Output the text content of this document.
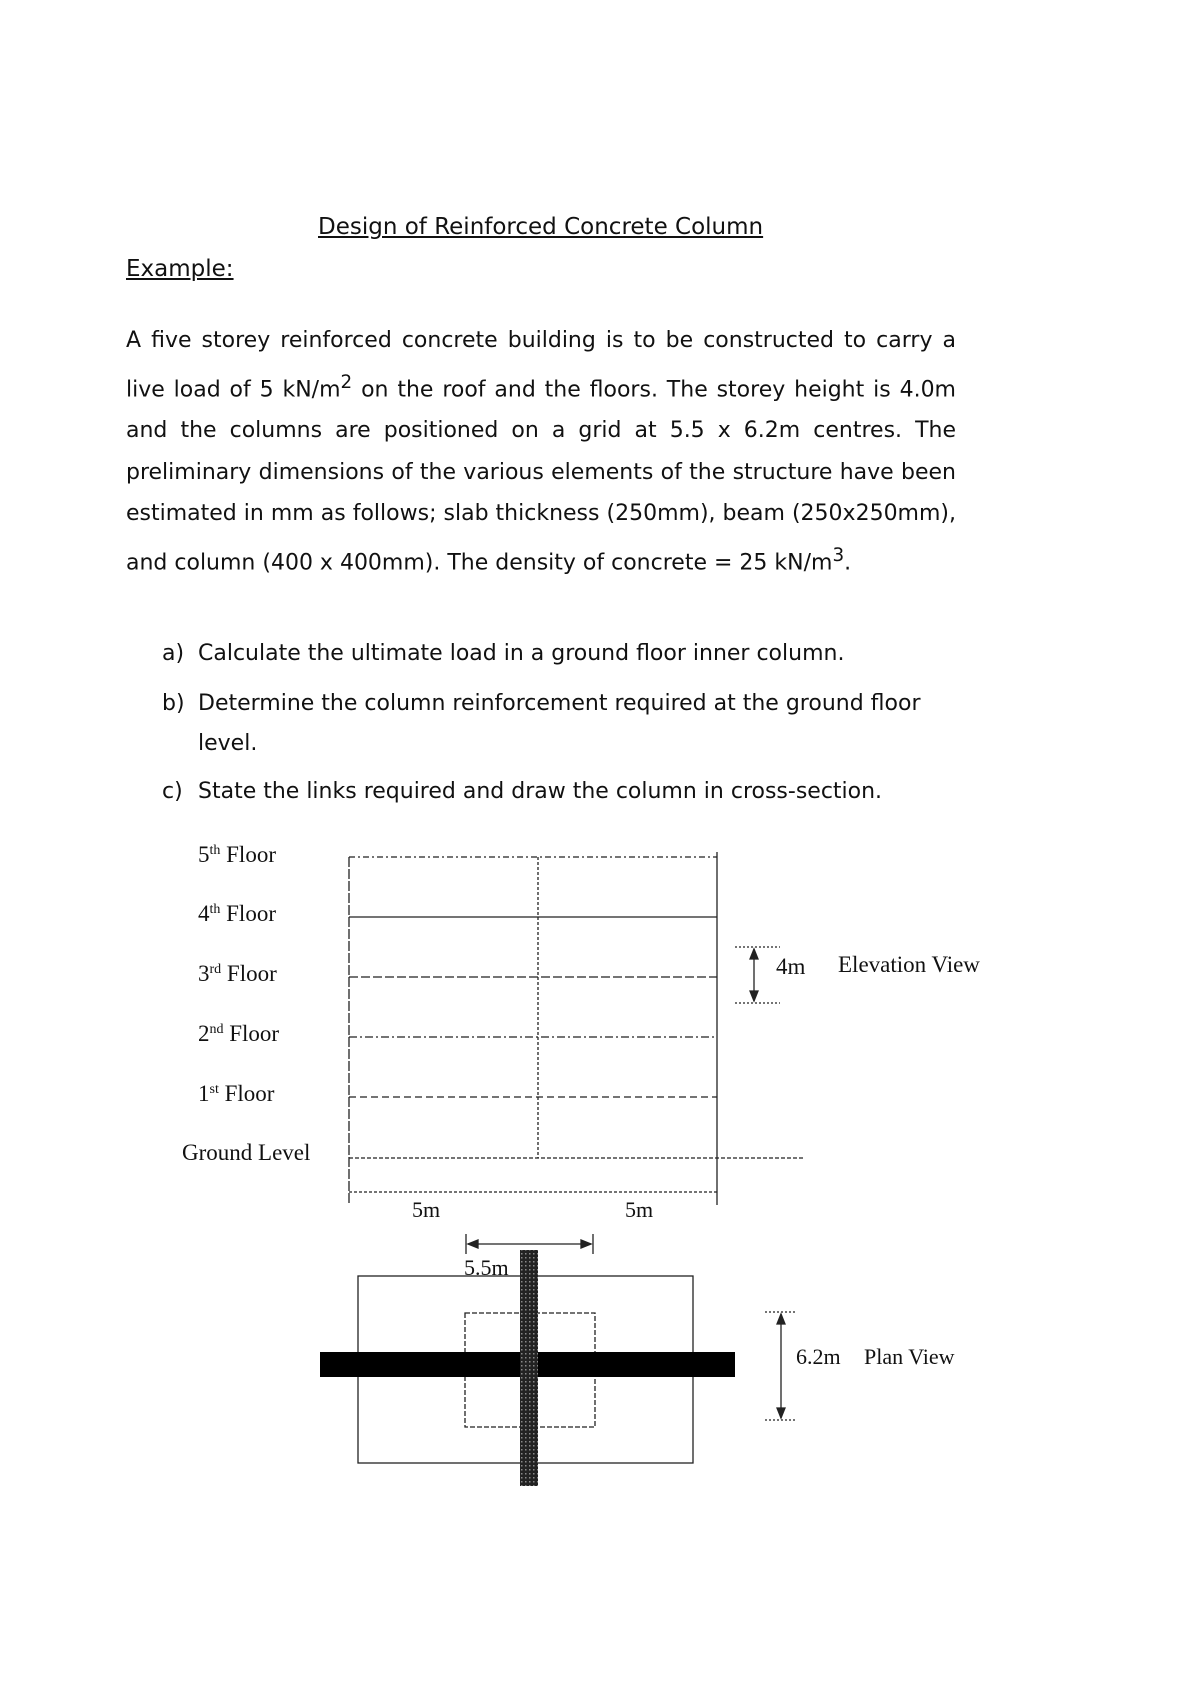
Design of Reinforced Concrete Column
Example:
A five storey reinforced concrete building is to be constructed to carry a live load of 5 $kN/m^2$ on the roof and the floors. The storey height is 4.0m and the columns are positioned on a grid at 5.5 x 6.2m centres. The preliminary dimensions of the various elements of the structure have been estimated in mm as follows; slab thickness (250mm), beam (250x250mm), and column (400 x 400mm). The density of concrete = 25 $kN/m^3$.
a) Calculate the ultimate load in a ground floor inner column.
b) Determine the column reinforcement required at the ground floor level.
c) State the links required and draw the column in cross-section.
5th Floor
4th Floor
3rd Floor
2nd Floor
1st Floor
Ground Level
4m Elevation View
5m	5m
5.5m
6.2m Plan View
